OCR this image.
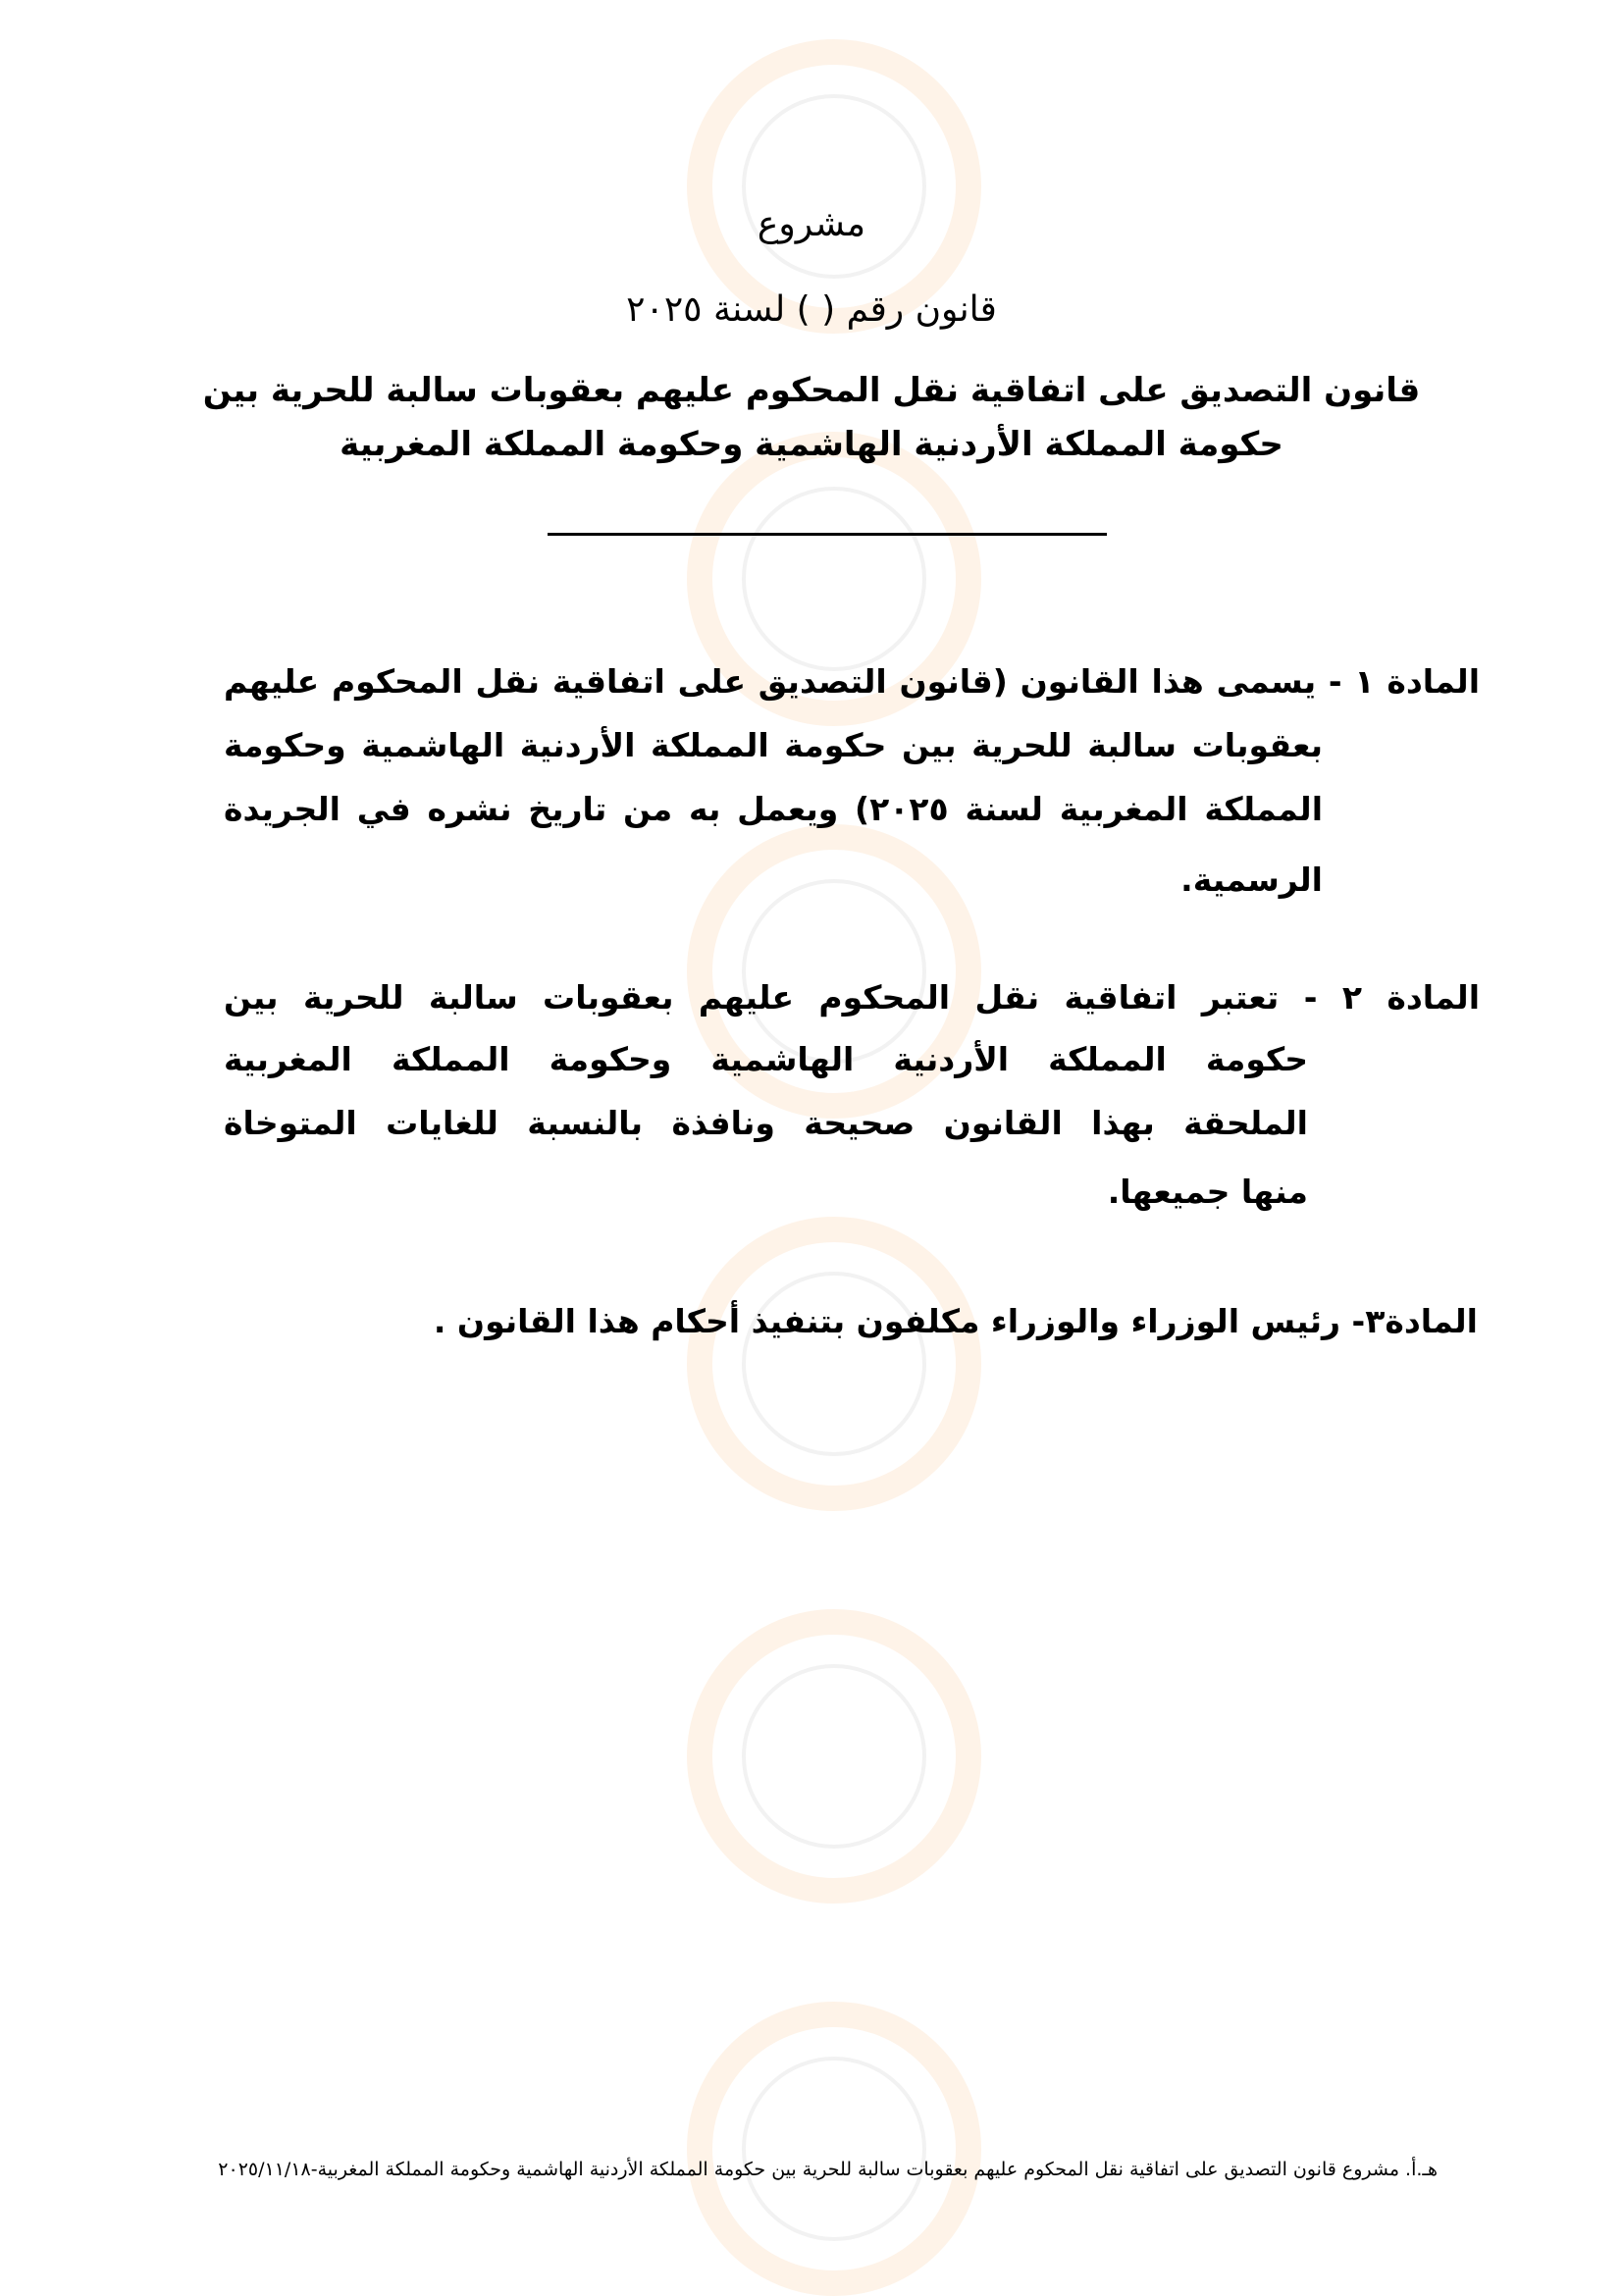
مشروع
قانون رقم ( ) لسنة ٢٠٢٥
قانون التصديق على اتفاقية نقل المحكوم عليهم بعقوبات سالبة للحرية بين
حكومة المملكة الأردنية الهاشمية وحكومة المملكة المغربية
المادة ١ - يسمى هذا القانون (قانون التصديق على اتفاقية نقل المحكوم عليهم
بعقوبات سالبة للحرية بين حكومة المملكة الأردنية الهاشمية وحكومة
المملكة المغربية لسنة ٢٠٢٥) ويعمل به من تاريخ نشره في الجريدة
الرسمية.
المادة ٢ - تعتبر اتفاقية نقل المحكوم عليهم بعقوبات سالبة للحرية بين
حكومة المملكة الأردنية الهاشمية وحكومة المملكة المغربية
الملحقة بهذا القانون صحيحة ونافذة بالنسبة للغايات المتوخاة
منها جميعها.
المادة٣- رئيس الوزراء والوزراء مكلفون بتنفيذ أحكام هذا القانون .
هـ.أ. مشروع قانون التصديق على اتفاقية نقل المحكوم عليهم بعقوبات سالبة للحرية بين حكومة المملكة الأردنية الهاشمية وحكومة المملكة المغربية-٢٠٢٥/١١/١٨
